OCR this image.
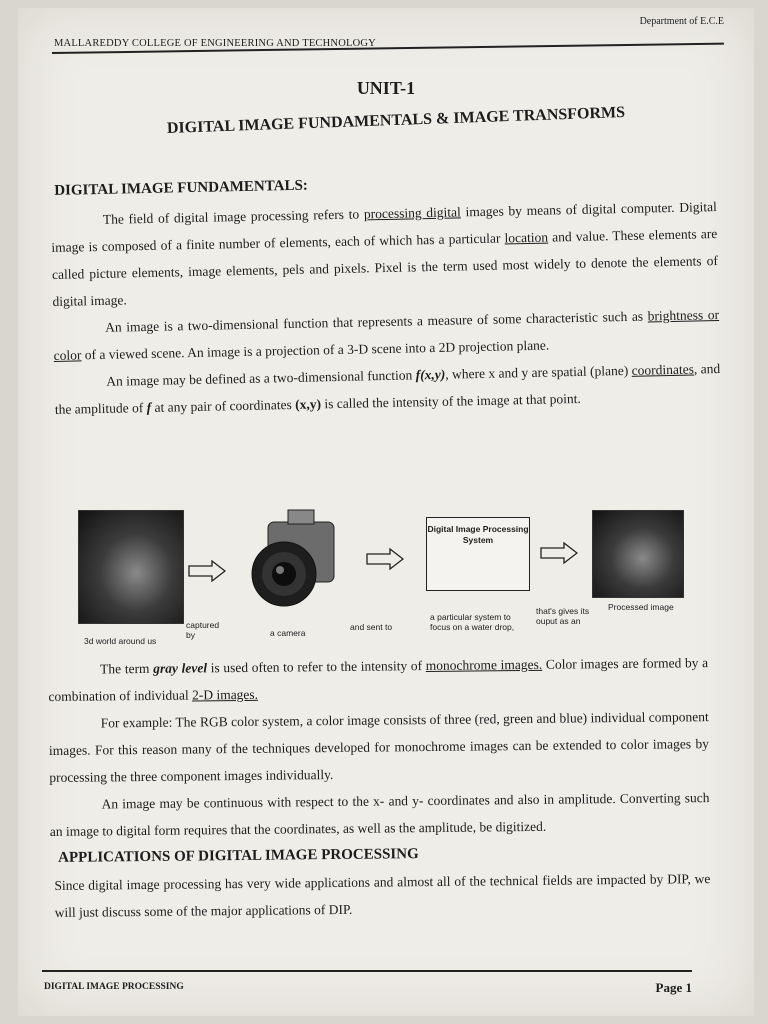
Department of E.C.E
MALLAREDDY COLLEGE OF ENGINEERING AND TECHNOLOGY
UNIT-1
DIGITAL IMAGE FUNDAMENTALS & IMAGE TRANSFORMS
DIGITAL IMAGE FUNDAMENTALS:

The field of digital image processing refers to processing digital images by means of digital computer. Digital image is composed of a finite number of elements, each of which has a particular location and value. These elements are called picture elements, image elements, pels and pixels. Pixel is the term used most widely to denote the elements of digital image.

An image is a two-dimensional function that represents a measure of some characteristic such as brightness or color of a viewed scene. An image is a projection of a 3-D scene into a 2D projection plane.

An image may be defined as a two-dimensional function f(x,y), where x and y are spatial (plane) coordinates, and the amplitude of f at any pair of coordinates (x,y) is called the intensity of the image at that point.

Digital Image Processing System
3d world around us
captured by	a camera
and sent to
a particular system to focus on a water drop,
that's gives its ouput as an
Processed image

The term gray level is used often to refer to the intensity of monochrome images. Color images are formed by a combination of individual 2-D images.

For example: The RGB color system, a color image consists of three (red, green and blue) individual component images. For this reason many of the techniques developed for monochrome images can be extended to color images by processing the three component images individually.

An image may be continuous with respect to the x- and y- coordinates and also in amplitude. Converting such an image to digital form requires that the coordinates, as well as the amplitude, be digitized.

APPLICATIONS OF DIGITAL IMAGE PROCESSING

Since digital image processing has very wide applications and almost all of the technical fields are impacted by DIP, we will just discuss some of the major applications of DIP.

DIGITAL IMAGE PROCESSING	Page 1
